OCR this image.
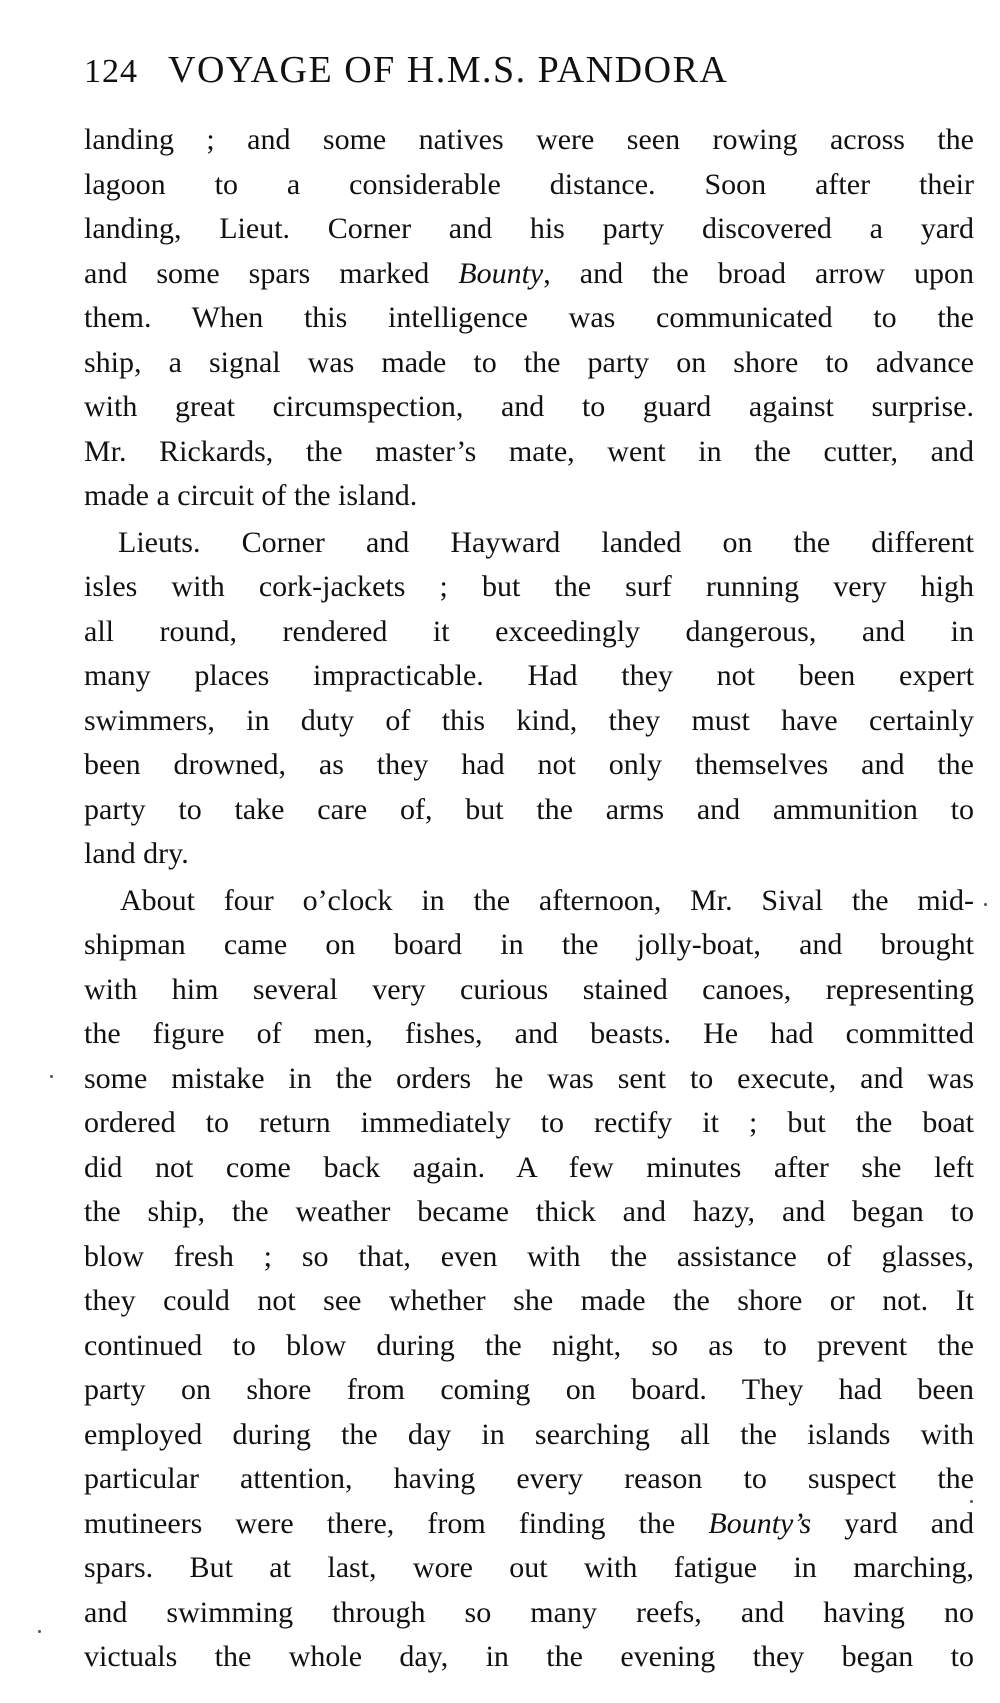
124 VOYAGE OF H.M.S. PANDORA
landing ; and some natives were seen rowing across the
lagoon to a considerable distance. Soon after their
landing, Lieut. Corner and his party discovered a yard
and some spars marked Bounty, and the broad arrow upon
them. When this intelligence was communicated to the
ship, a signal was made to the party on shore to advance
with great circumspection, and to guard against surprise.
Mr. Rickards, the master’s mate, went in the cutter, and
made a circuit of the island.
Lieuts. Corner and Hayward landed on the different
isles with cork-jackets ; but the surf running very high
all round, rendered it exceedingly dangerous, and in
many places impracticable. Had they not been expert
swimmers, in duty of this kind, they must have certainly
been drowned, as they had not only themselves and the
party to take care of, but the arms and ammunition to
land dry.
About four o’clock in the afternoon, Mr. Sival the mid-
shipman came on board in the jolly-boat, and brought
with him several very curious stained canoes, representing
the figure of men, fishes, and beasts. He had committed
some mistake in the orders he was sent to execute, and was
ordered to return immediately to rectify it ; but the boat
did not come back again. A few minutes after she left
the ship, the weather became thick and hazy, and began to
blow fresh ; so that, even with the assistance of glasses,
they could not see whether she made the shore or not. It
continued to blow during the night, so as to prevent the
party on shore from coming on board. They had been
employed during the day in searching all the islands with
particular attention, having every reason to suspect the
mutineers were there, from finding the Bounty’s yard and
spars. But at last, wore out with fatigue in marching,
and swimming through so many reefs, and having no
victuals the whole day, in the evening they began to
